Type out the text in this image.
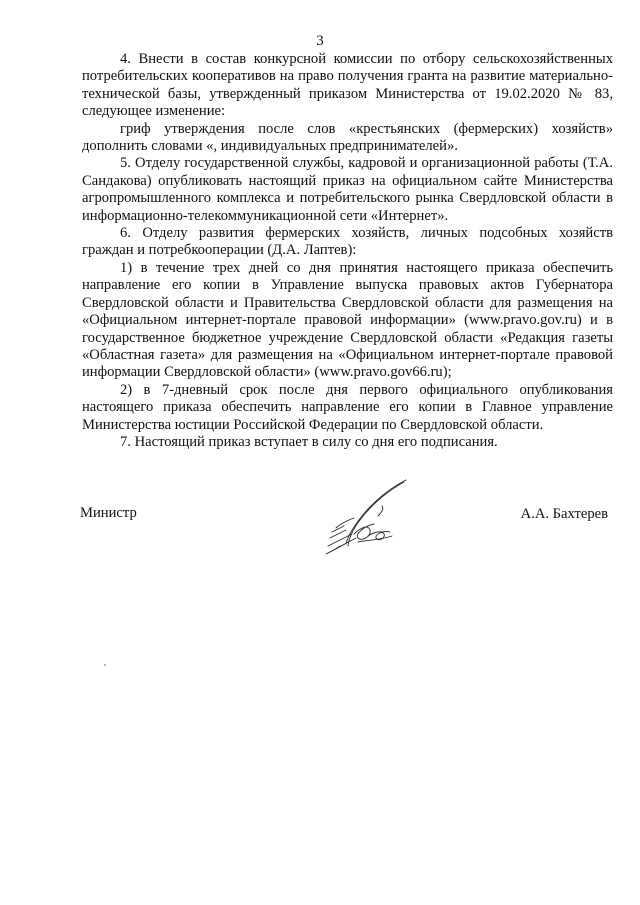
3

4. Внести в состав конкурсной комиссии по отбору сельскохозяйственных потребительских кооперативов на право получения гранта на развитие материально-технической базы, утвержденный приказом Министерства от 19.02.2020 № 83, следующее изменение:

гриф утверждения после слов «крестьянских (фермерских) хозяйств» дополнить словами «, индивидуальных предпринимателей».

5. Отделу государственной службы, кадровой и организационной работы (Т.А. Сандакова) опубликовать настоящий приказ на официальном сайте Министерства агропромышленного комплекса и потребительского рынка Свердловской области в информационно-телекоммуникационной сети «Интернет».

6. Отделу развития фермерских хозяйств, личных подсобных хозяйств граждан и потребкооперации (Д.А. Лаптев):

1) в течение трех дней со дня принятия настоящего приказа обеспечить направление его копии в Управление выпуска правовых актов Губернатора Свердловской области и Правительства Свердловской области для размещения на «Официальном интернет-портале правовой информации» (www.pravo.gov.ru) и в государственное бюджетное учреждение Свердловской области «Редакция газеты «Областная газета» для размещения на «Официальном интернет-портале правовой информации Свердловской области» (www.pravo.gov66.ru);

2) в 7-дневный срок после дня первого официального опубликования настоящего приказа обеспечить направление его копии в Главное управление Министерства юстиции Российской Федерации по Свердловской области.

7. Настоящий приказ вступает в силу со дня его подписания.

Министр	А.А. Бахтерев
